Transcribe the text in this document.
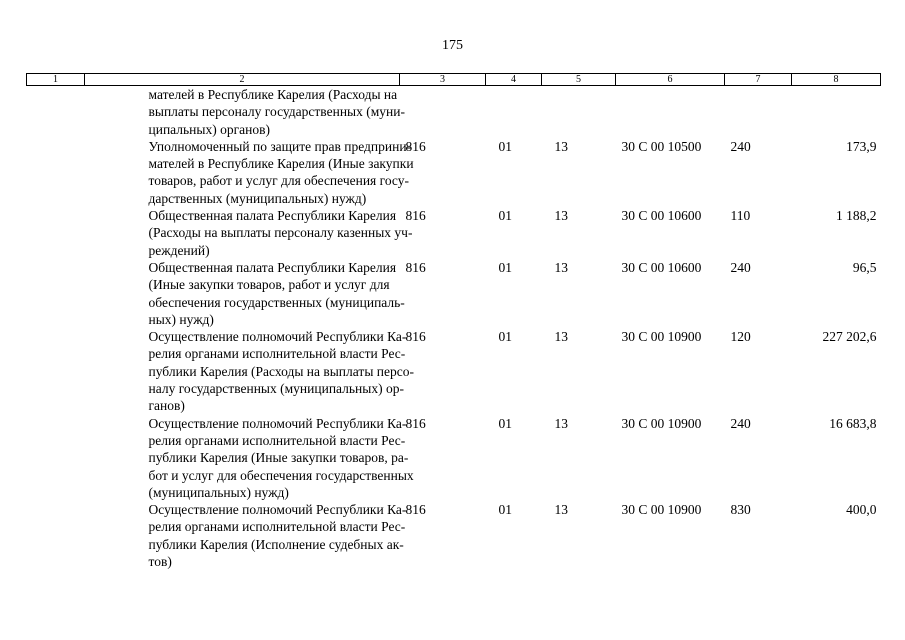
175
1	2	3	4	5	6	7	8

	мателей в Республике Карелия (Расходы на
выплаты персоналу государственных (муни-
ципальных) органов)						

	Уполномоченный по защите прав предприни-
мателей в Республике Карелия (Иные закупки
товаров, работ и услуг для обеспечения госу-
дарственных (муниципальных) нужд)	816	01	13	30 С 00 10500	240	173,9

	Общественная палата Республики Карелия
(Расходы на выплаты персоналу казенных уч-
реждений)	816	01	13	30 С 00 10600	110	1 188,2

	Общественная палата Республики Карелия
(Иные закупки товаров, работ и услуг для
обеспечения государственных (муниципаль-
ных) нужд)	816	01	13	30 С 00 10600	240	96,5

	Осуществление полномочий Республики Ка-
релия органами исполнительной власти Рес-
публики Карелия (Расходы на выплаты персо-
налу государственных (муниципальных) ор-
ганов)	816	01	13	30 С 00 10900	120	227 202,6

	Осуществление полномочий Республики Ка-
релия органами исполнительной власти Рес-
публики Карелия (Иные закупки товаров, ра-
бот и услуг для обеспечения государственных
(муниципальных) нужд)	816	01	13	30 С 00 10900	240	16 683,8

	Осуществление полномочий Республики Ка-
релия органами исполнительной власти Рес-
публики Карелия (Исполнение судебных ак-
тов)	816	01	13	30 С 00 10900	830	400,0
